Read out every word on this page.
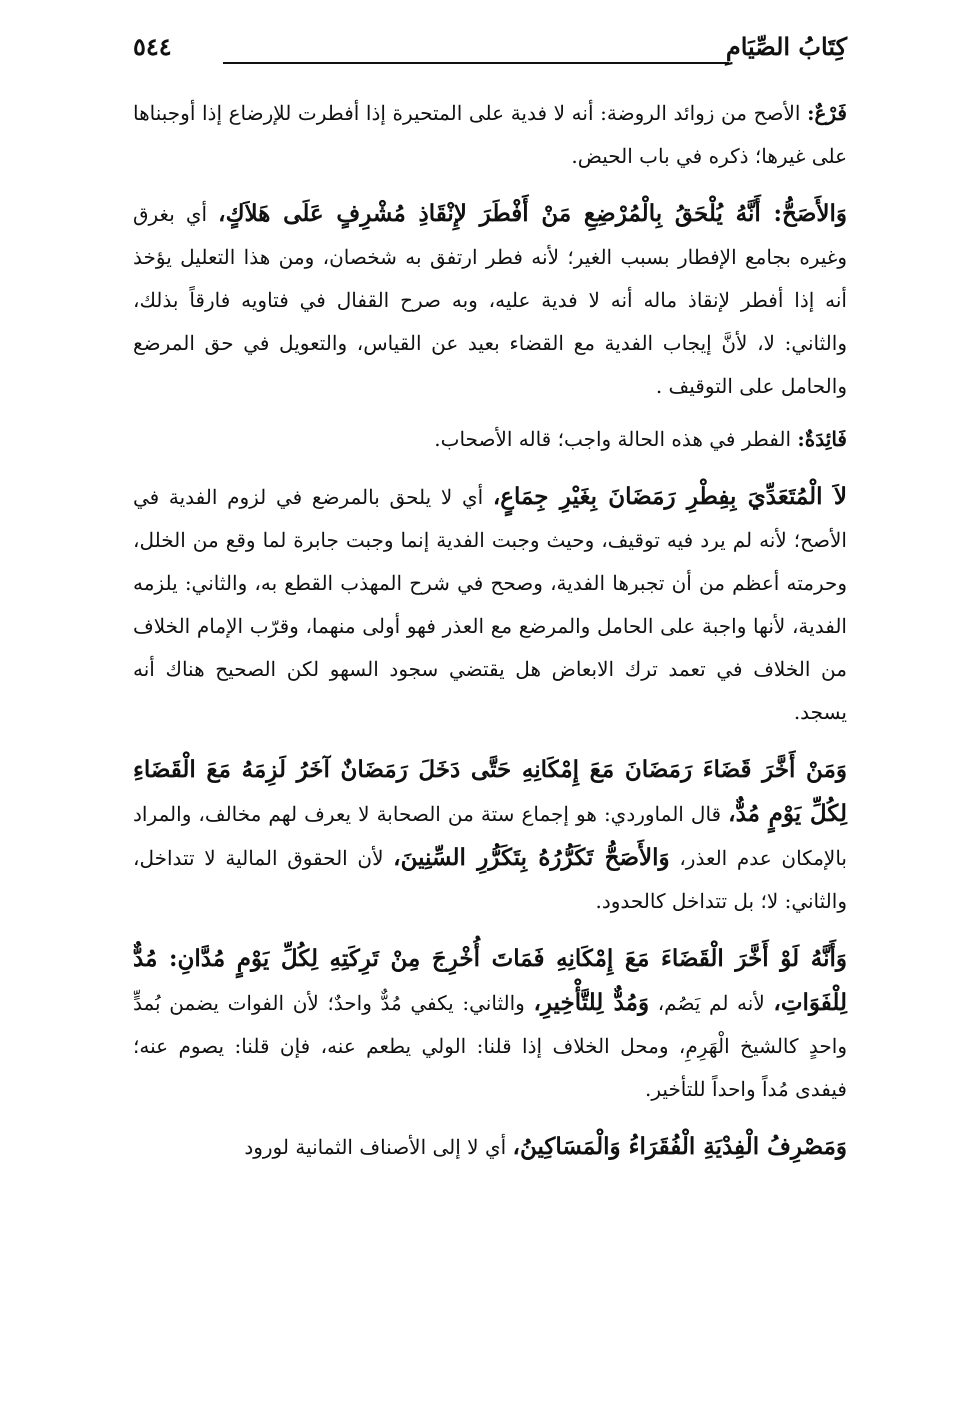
كِتَابُ الصِّيَامِ
٥٤٤

فَرْعٌ: الأصح من زوائد الروضة: أنه لا فدية على المتحيرة إذا أفطرت للإرضاع إذا أوجبناها على غيرها؛ ذكره في باب الحيض.

وَالأَصَحُّ: أَنَّهُ يُلْحَقُ بِالْمُرْضِعِ مَنْ أَفْطَرَ لإِنْقَاذِ مُشْرِفٍ عَلَى هَلاَكٍ، أي بغرق وغيره بجامع الإفطار بسبب الغير؛ لأنه فطر ارتفق به شخصان، ومن هذا التعليل يؤخذ أنه إذا أفطر لإنقاذ ماله أنه لا فدية عليه، وبه صرح القفال في فتاويه فارقاً بذلك، والثاني: لا، لأنَّ إيجاب الفدية مع القضاء بعيد عن القياس، والتعويل في حق المرضع والحامل على التوقيف .

فَائِدَةٌ: الفطر في هذه الحالة واجب؛ قاله الأصحاب.

لاَ الْمُتَعَدِّيَ بِفِطْرِ رَمَضَانَ بِغَيْرِ جِمَاعٍ، أي لا يلحق بالمرضع في لزوم الفدية في الأصح؛ لأنه لم يرد فيه توقيف، وحيث وجبت الفدية إنما وجبت جابرة لما وقع من الخلل، وحرمته أعظم من أن تجبرها الفدية، وصحح في شرح المهذب القطع به، والثاني: يلزمه الفدية، لأنها واجبة على الحامل والمرضع مع العذر فهو أولى منهما، وقرّب الإمام الخلاف من الخلاف في تعمد ترك الابعاض هل يقتضي سجود السهو لكن الصحيح هناك أنه يسجد.

وَمَنْ أَخَّرَ قَضَاءَ رَمَضَانَ مَعَ إِمْكَانِهِ حَتَّى دَخَلَ رَمَضَانٌ آخَرُ لَزِمَهُ مَعَ الْقَضَاءِ لِكُلِّ يَوْمٍ مُدٌّ، قال الماوردي: هو إجماع ستة من الصحابة لا يعرف لهم مخالف، والمراد بالإمكان عدم العذر، وَالأَصَحُّ تَكَرُّرُهُ بِتَكَرُّرِ السِّنِينَ، لأن الحقوق المالية لا تتداخل، والثاني: لا؛ بل تتداخل كالحدود.

وَأَنَّهُ لَوْ أَخَّرَ الْقَضَاءَ مَعَ إِمْكَانِهِ فَمَاتَ أُخْرِجَ مِنْ تَرِكَتِهِ لِكُلِّ يَوْمٍ مُدَّانِ: مُدٌّ لِلْفَوَاتِ، لأنه لم يَصُم، وَمُدٌّ لِلتَّأْخِيرِ، والثاني: يكفي مُدٌّ واحدٌ؛ لأن الفوات يضمن بُمدٍّ واحدٍ كالشيخ الْهَرِمِ، ومحل الخلاف إذا قلنا: الولي يطعم عنه، فإن قلنا: يصوم عنه؛ فيفدى مُداً واحداً للتأخير.

وَمَصْرِفُ الْفِدْيَةِ الْفُقَرَاءُ وَالْمَسَاكِينُ، أي لا إلى الأصناف الثمانية لورود
